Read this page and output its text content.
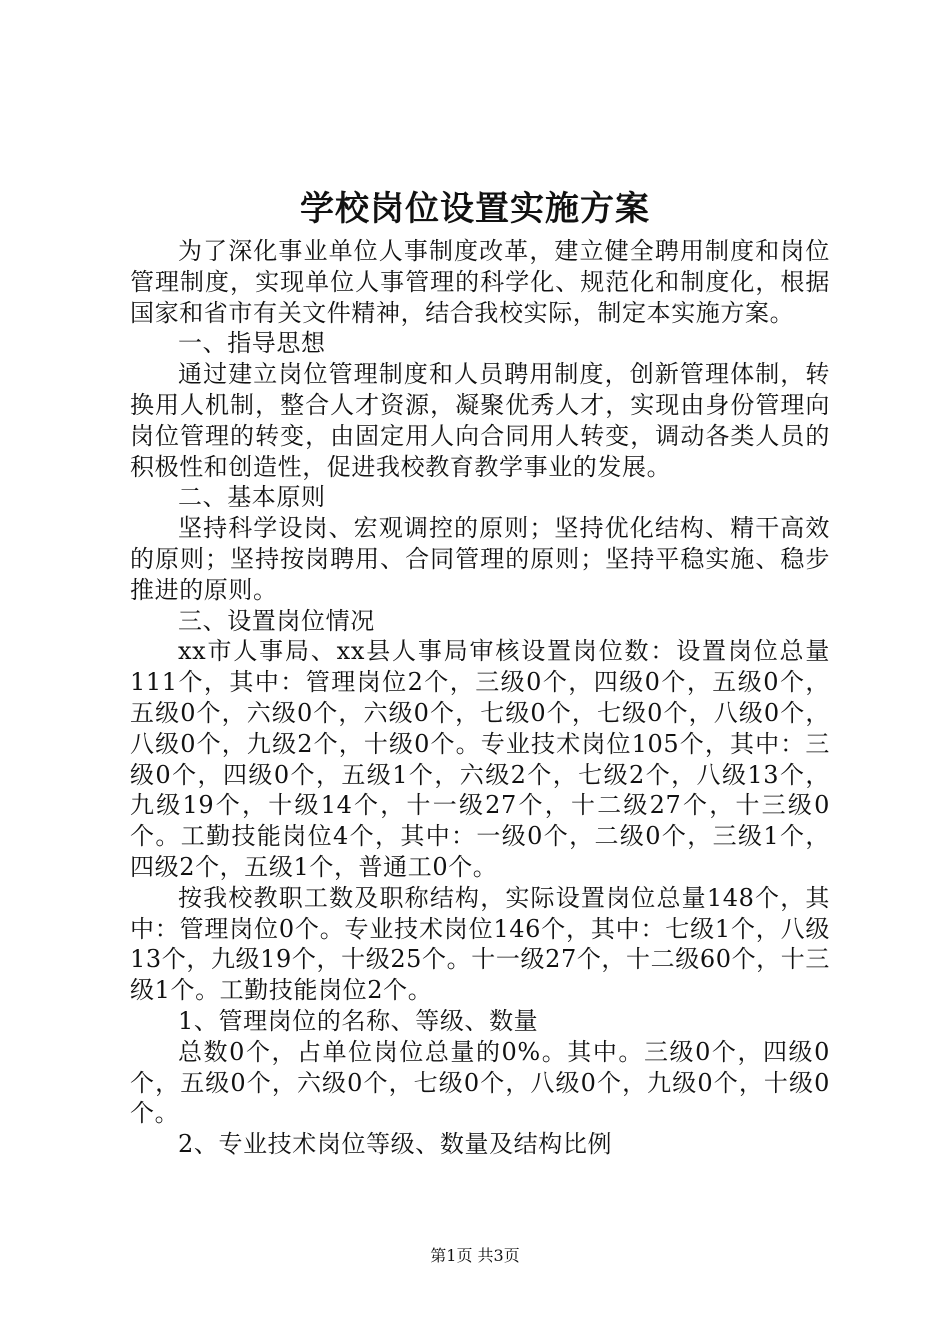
学校岗位设置实施方案

为了深化事业单位人事制度改革，建立健全聘用制度和岗位管理制度，实现单位人事管理的科学化、规范化和制度化，根据国家和省市有关文件精神，结合我校实际，制定本实施方案。

一、指导思想

通过建立岗位管理制度和人员聘用制度，创新管理体制，转换用人机制，整合人才资源，凝聚优秀人才，实现由身份管理向岗位管理的转变，由固定用人向合同用人转变，调动各类人员的积极性和创造性，促进我校教育教学事业的发展。

二、基本原则

坚持科学设岗、宏观调控的原则；坚持优化结构、精干高效的原则；坚持按岗聘用、合同管理的原则；坚持平稳实施、稳步推进的原则。

三、设置岗位情况

xx市人事局、xx县人事局审核设置岗位数：设置岗位总量111个，其中：管理岗位2个，三级0个，四级0个，五级0个，五级0个，六级0个，六级0个，七级0个，七级0个，八级0个，八级0个，九级2个，十级0个。专业技术岗位105个，其中：三级0个，四级0个，五级1个，六级2个，七级2个，八级13个，九级19个，十级14个，十一级27个，十二级27个，十三级0个。工勤技能岗位4个，其中：一级0个，二级0个，三级1个，四级2个，五级1个，普通工0个。

按我校教职工数及职称结构，实际设置岗位总量148个，其中：管理岗位0个。专业技术岗位146个，其中：七级1个，八级13个，九级19个，十级25个。十一级27个，十二级60个，十三级1个。工勤技能岗位2个。

1、管理岗位的名称、等级、数量

总数0个，占单位岗位总量的0%。其中。三级0个，四级0个，五级0个，六级0个，七级0个，八级0个，九级0个，十级0个。

2、专业技术岗位等级、数量及结构比例

第1页 共3页
